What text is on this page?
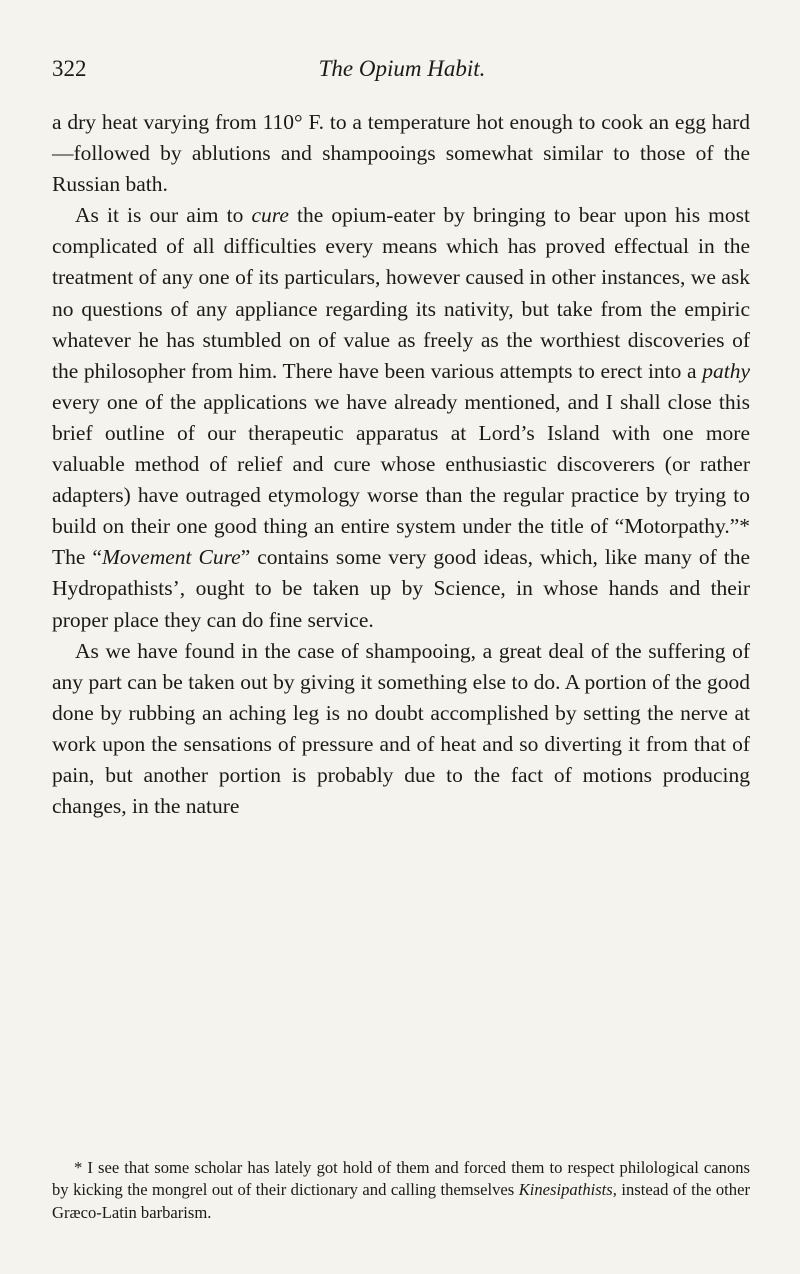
322	The Opium Habit.

a dry heat varying from 110° F. to a temperature hot enough to cook an egg hard—followed by ablutions and shampooings somewhat similar to those of the Russian bath.

As it is our aim to cure the opium-eater by bringing to bear upon his most complicated of all difficulties every means which has proved effectual in the treatment of any one of its particulars, however caused in other instances, we ask no questions of any appliance regarding its nativity, but take from the empiric whatever he has stumbled on of value as freely as the worthiest discoveries of the philosopher from him. There have been various attempts to erect into a pathy every one of the applications we have already mentioned, and I shall close this brief outline of our therapeutic apparatus at Lord’s Island with one more valuable method of relief and cure whose enthusiastic discoverers (or rather adapters) have outraged etymology worse than the regular practice by trying to build on their one good thing an entire system under the title of “Motorpathy.”* The “Movement Cure” contains some very good ideas, which, like many of the Hydropathists’, ought to be taken up by Science, in whose hands and their proper place they can do fine service.

As we have found in the case of shampooing, a great deal of the suffering of any part can be taken out by giving it something else to do. A portion of the good done by rubbing an aching leg is no doubt accomplished by setting the nerve at work upon the sensations of pressure and of heat and so diverting it from that of pain, but another portion is probably due to the fact of motions producing changes, in the nature

* I see that some scholar has lately got hold of them and forced them to respect philological canons by kicking the mongrel out of their dictionary and calling themselves Kinesipathists, instead of the other Græco-Latin barbarism.
